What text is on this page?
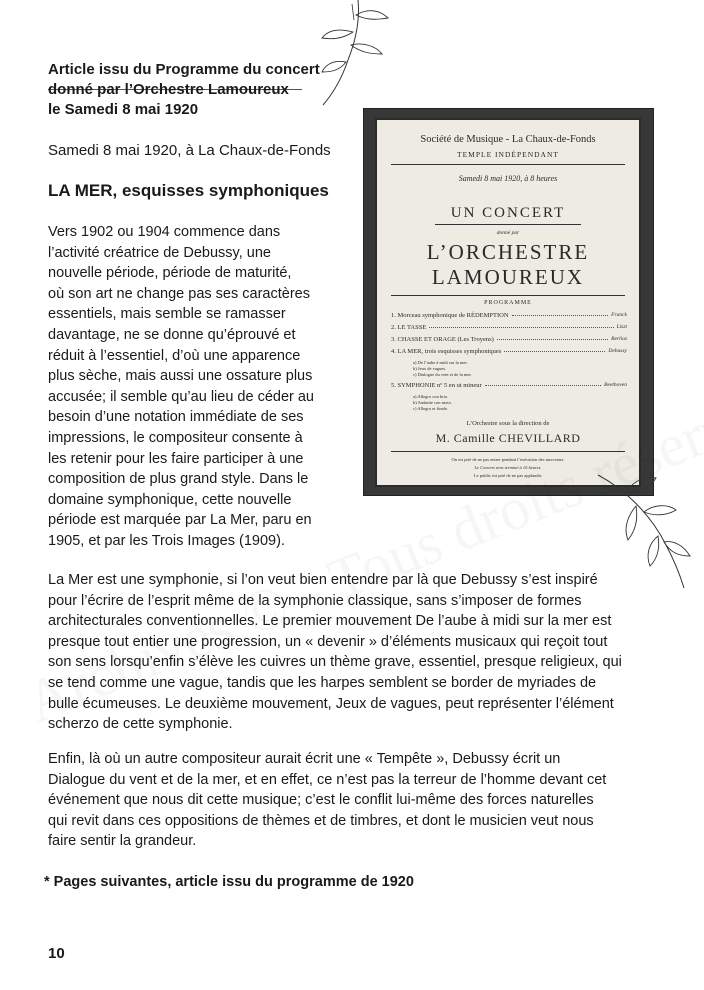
Article issu du Programme du concert
donné par l’Orchestre Lamoureux
le Samedi 8 mai 1920
Samedi 8 mai 1920, à La Chaux-de-Fonds
LA MER, esquisses symphoniques
Vers 1902 ou 1904 commence dans
l’activité créatrice de Debussy, une
nouvelle période, période de maturité,
où son art ne change pas ses caractères
essentiels, mais semble se ramasser
davantage, ne se donne qu’éprouvé et
réduit à l’essentiel, d’où une apparence
plus sèche, mais aussi une ossature plus
accusée; il semble qu’au lieu de céder au
besoin d’une notation immédiate de ses
impressions, le compositeur consente à
les retenir pour les faire participer à une
composition de plus grand style. Dans le
domaine symphonique, cette nouvelle
période est marquée par La Mer, paru en
1905, et par les Trois Images (1909).
Société de Musique - La Chaux-de-Fonds
TEMPLE INDÉPENDANT
Samedi 8 mai 1920, à 8 heures
UN CONCERT
donné par
L’ORCHESTRE
LAMOUREUX
PROGRAMME
1.
Morceau symphonique de RÉDEMPTION	Franck
2.
LE TASSE	Liszt
3.
CHASSE ET ORAGE (Les Troyens)	Berlioz
4.
LA MER, trois esquisses symphoniques	Debussy
a) De l’aube à midi sur la mer.
b) Jeux de vagues.
c) Dialogue du vent et de la mer.
5.
SYMPHONIE nº 5 en ut mineur	Beethoven
a) Allegro con brio.
b) Andante con moto.
c) Allegro et finale.
L’Orchestre sous la direction de
M. Camille CHEVILLARD
On est prié de ne pas entrer pendant l’exécution des morceaux.
Le Concert sera terminé à 10 heures.
Le public est prié de ne pas applaudir.
La Mer est une symphonie, si l’on veut bien entendre par là que Debussy s’est inspiré
pour l’écrire de l’esprit même de la symphonie classique, sans s’imposer de formes
architecturales conventionnelles. Le premier mouvement De l’aube à midi sur la mer est
presque tout entier une progression, un « devenir » d’éléments musicaux qui reçoit tout
son sens lorsqu’enfin s’élève les cuivres un thème grave, essentiel, presque religieux, qui
se tend comme une vague, tandis que les harpes semblent se border de myriades de
bulle écumeuses. Le deuxième mouvement, Jeux de vagues, peut représenter l’élément
scherzo de cette symphonie.
Enfin, là où un autre compositeur aurait écrit une « Tempête », Debussy écrit un
Dialogue du vent et de la mer, et en effet, ce n’est pas la terreur de l’homme devant cet
événement que nous dit cette musique; c’est le conflit lui-même des forces naturelles
qui revit dans ces oppositions de thèmes et de timbres, et dont le musicien veut nous
faire sentir la grandeur.
* Pages suivantes, article issu du programme de 1920
10
